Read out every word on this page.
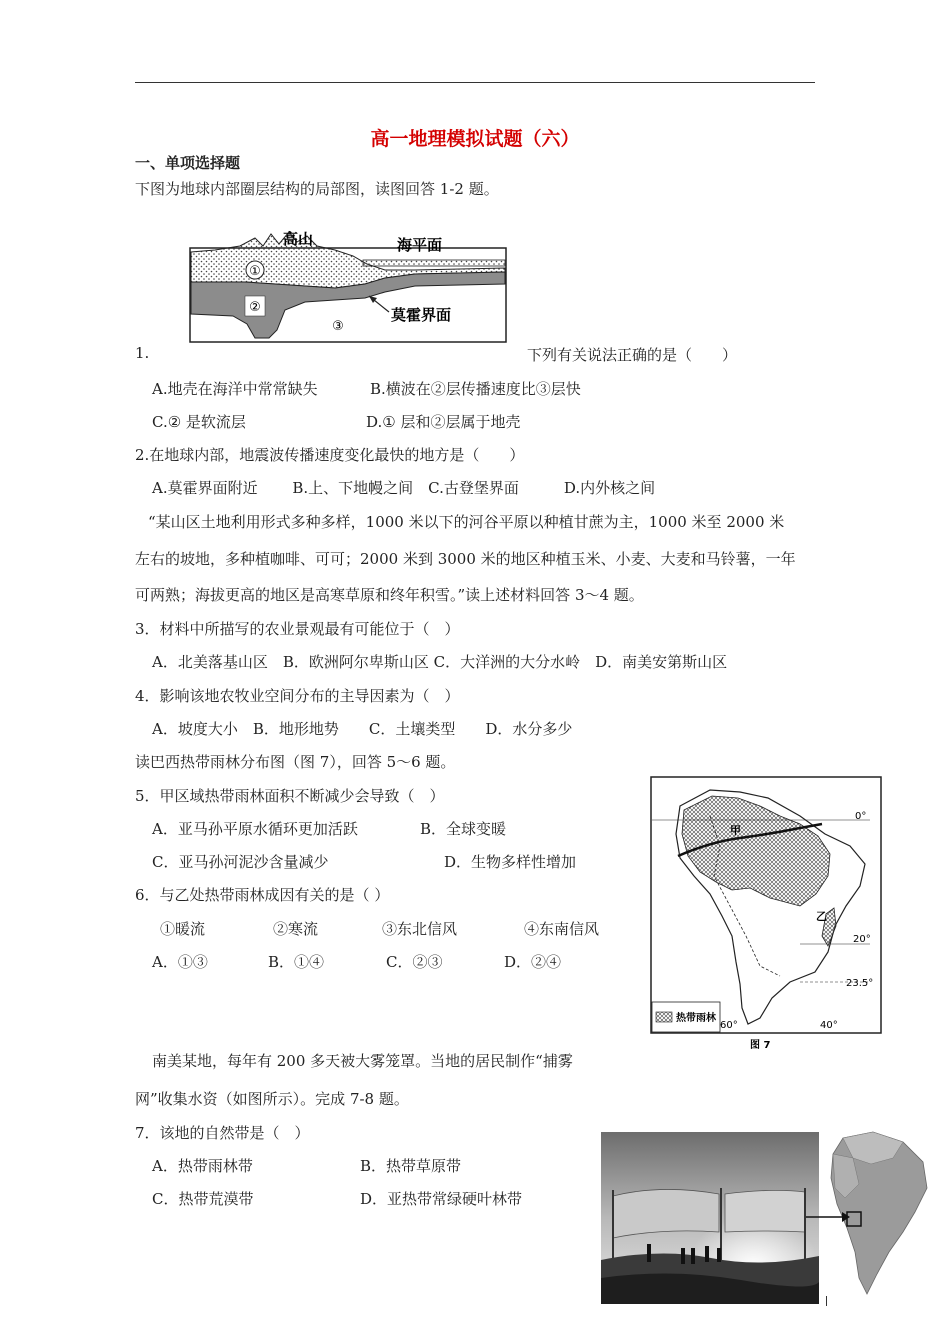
高一地理模拟试题（六）
一、单项选择题
下图为地球内部圈层结构的局部图，读图回答 1-2 题。
①
②
③
高山	海平面
莫霍界面
1.	下列有关说法正确的是（　　）
A.地壳在海洋中常常缺失	B.横波在②层传播速度比③层快
C.② 是软流层	D.① 层和②层属于地壳
2.在地球内部，地震波传播速度变化最快的地方是（　　）
A.莫霍界面附近　　 B.上、下地幔之间　C.古登堡界面　　　D.内外核之间
“某山区土地利用形式多种多样，1000 米以下的河谷平原以种植甘蔗为主，1000 米至 2000 米
左右的坡地，多种植咖啡、可可；2000 米到 3000 米的地区种植玉米、小麦、大麦和马铃薯，一年
可两熟；海拔更高的地区是高寒草原和终年积雪。”读上述材料回答 3～4 题。
3．材料中所描写的农业景观最有可能位于（　）
A．北美落基山区　B．欧洲阿尔卑斯山区 C．大洋洲的大分水岭　D．南美安第斯山区
4．影响该地农牧业空间分布的主导因素为（　）
A．坡度大小　B．地形地势　　C．土壤类型　　D．水分多少
读巴西热带雨林分布图（图 7），回答 5～6 题。
5．甲区域热带雨林面积不断减少会导致（　）
A．亚马孙平原水循环更加活跃	B．全球变暖
C．亚马孙河泥沙含量减少	D．生物多样性增加
6．与乙处热带雨林成因有关的是（ ）
①暖流	②寒流	③东北信风	④东南信风
A．①③	B．①④	C．②③	D．②④
甲
乙
0°
20°
23.5°
60°	40°
热带雨林
图 7
南美某地，每年有 200 多天被大雾笼罩。当地的居民制作“捕雾
网”收集水资（如图所示）。完成 7-8 题。
7．该地的自然带是（　）
A．热带雨林带	B．热带草原带
C．热带荒漠带	D．亚热带常绿硬叶林带
